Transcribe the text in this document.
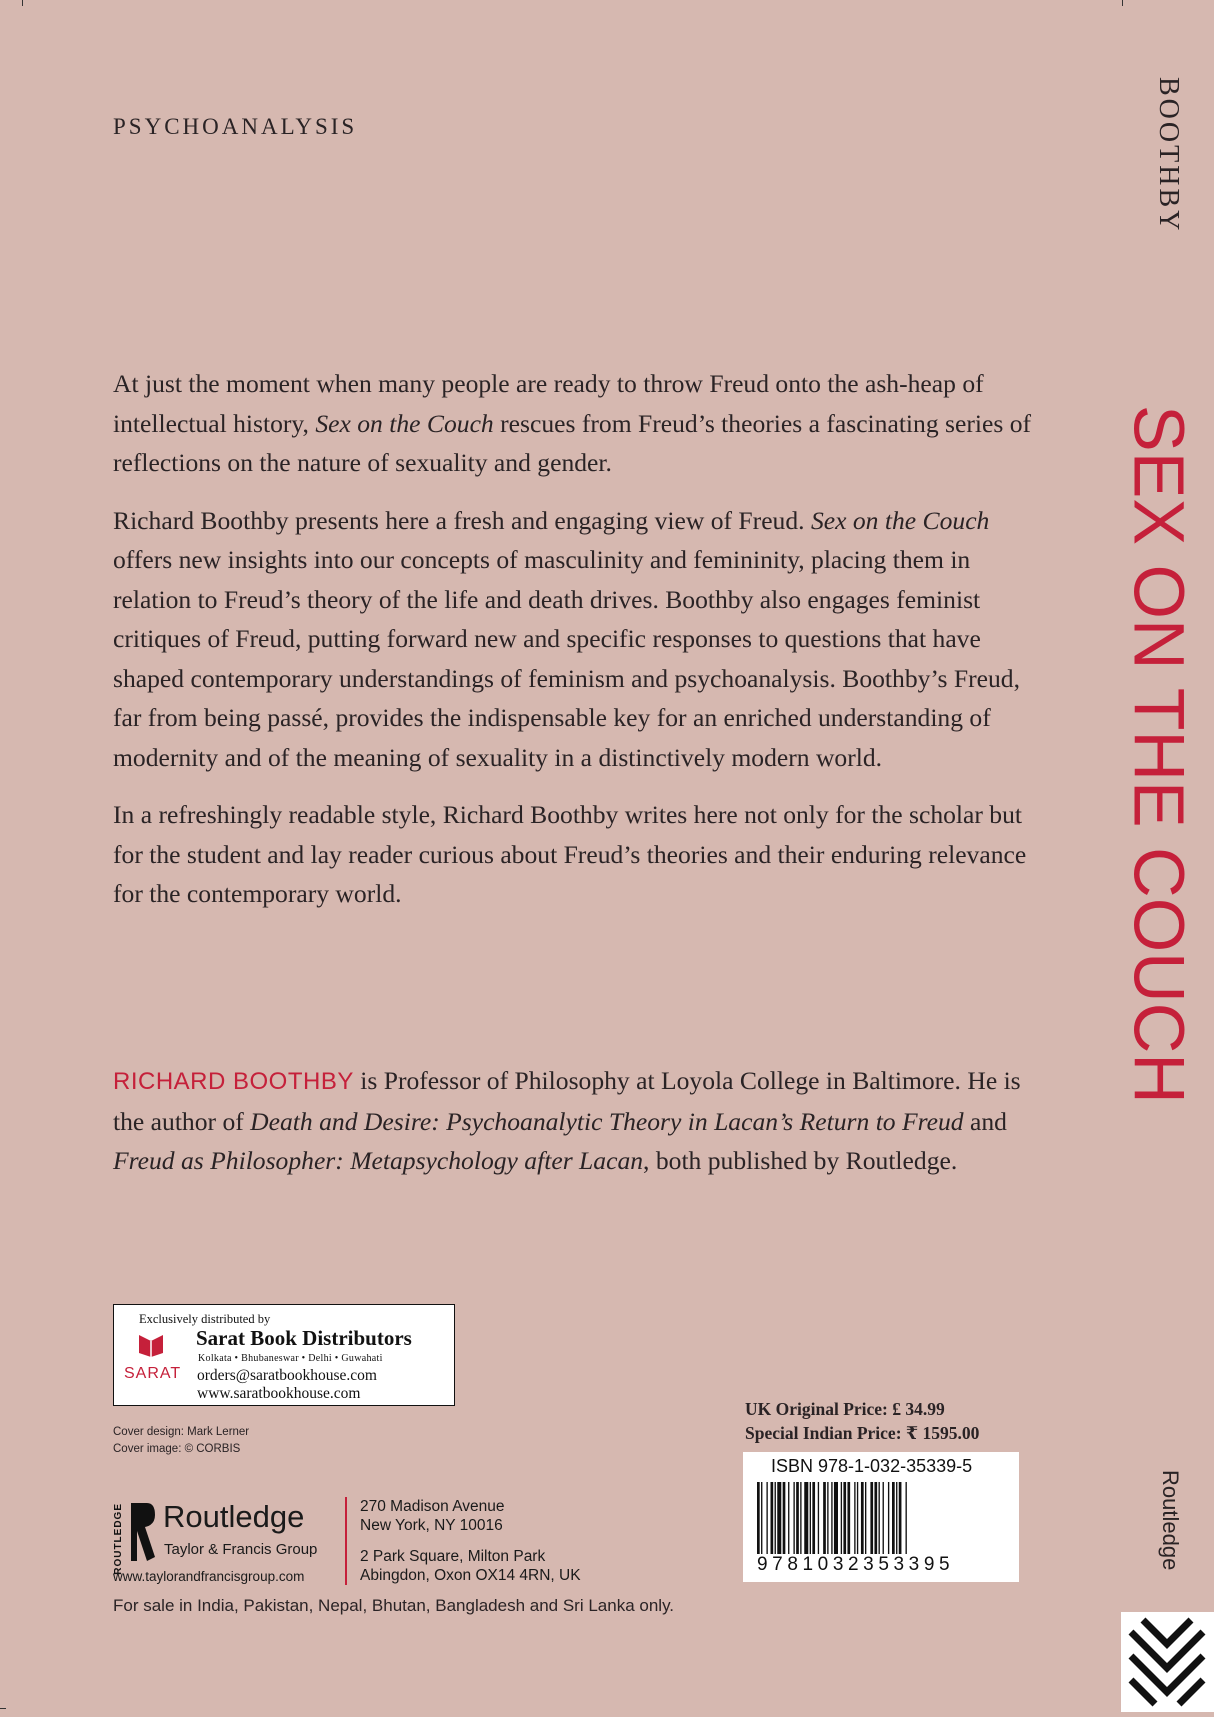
PSYCHOANALYSIS

At just the moment when many people are ready to throw Freud onto the ash-heap of intellectual history, Sex on the Couch rescues from Freud’s theories a fascinating series of reflections on the nature of sexuality and gender.

Richard Boothby presents here a fresh and engaging view of Freud. Sex on the Couch offers new insights into our concepts of masculinity and femininity, placing them in relation to Freud’s theory of the life and death drives. Boothby also engages feminist critiques of Freud, putting forward new and specific responses to questions that have shaped contemporary understandings of feminism and psychoanalysis. Boothby’s Freud, far from being passé, provides the indispensable key for an enriched understanding of modernity and of the meaning of sexuality in a distinctively modern world.

In a refreshingly readable style, Richard Boothby writes here not only for the scholar but for the student and lay reader curious about Freud’s theories and their enduring relevance for the contemporary world.

RICHARD BOOTHBY is Professor of Philosophy at Loyola College in Baltimore. He is the author of Death and Desire: Psychoanalytic Theory in Lacan’s Return to Freud and Freud as Philosopher: Metapsychology after Lacan, both published by Routledge.

BOOTHBY
SEX ON THE COUCH
Routledge
Exclusively distributed by
Sarat Book Distributors
Kolkata • Bhubaneswar • Delhi • Guwahati
orders@saratbookhouse.com
www.saratbookhouse.com
SARAT
Cover design: Mark Lerner
Cover image: © CORBIS
ROUTLEDGE Routledge
Taylor & Francis Group
www.taylorandfrancisgroup.com
270 Madison Avenue
New York, NY 10016
2 Park Square, Milton Park
Abingdon, Oxon OX14 4RN, UK
For sale in India, Pakistan, Nepal, Bhutan, Bangladesh and Sri Lanka only.
UK Original Price: £ 34.99
Special Indian Price: ₹ 1595.00
ISBN 978-1-032-35339-5
9781032353395
